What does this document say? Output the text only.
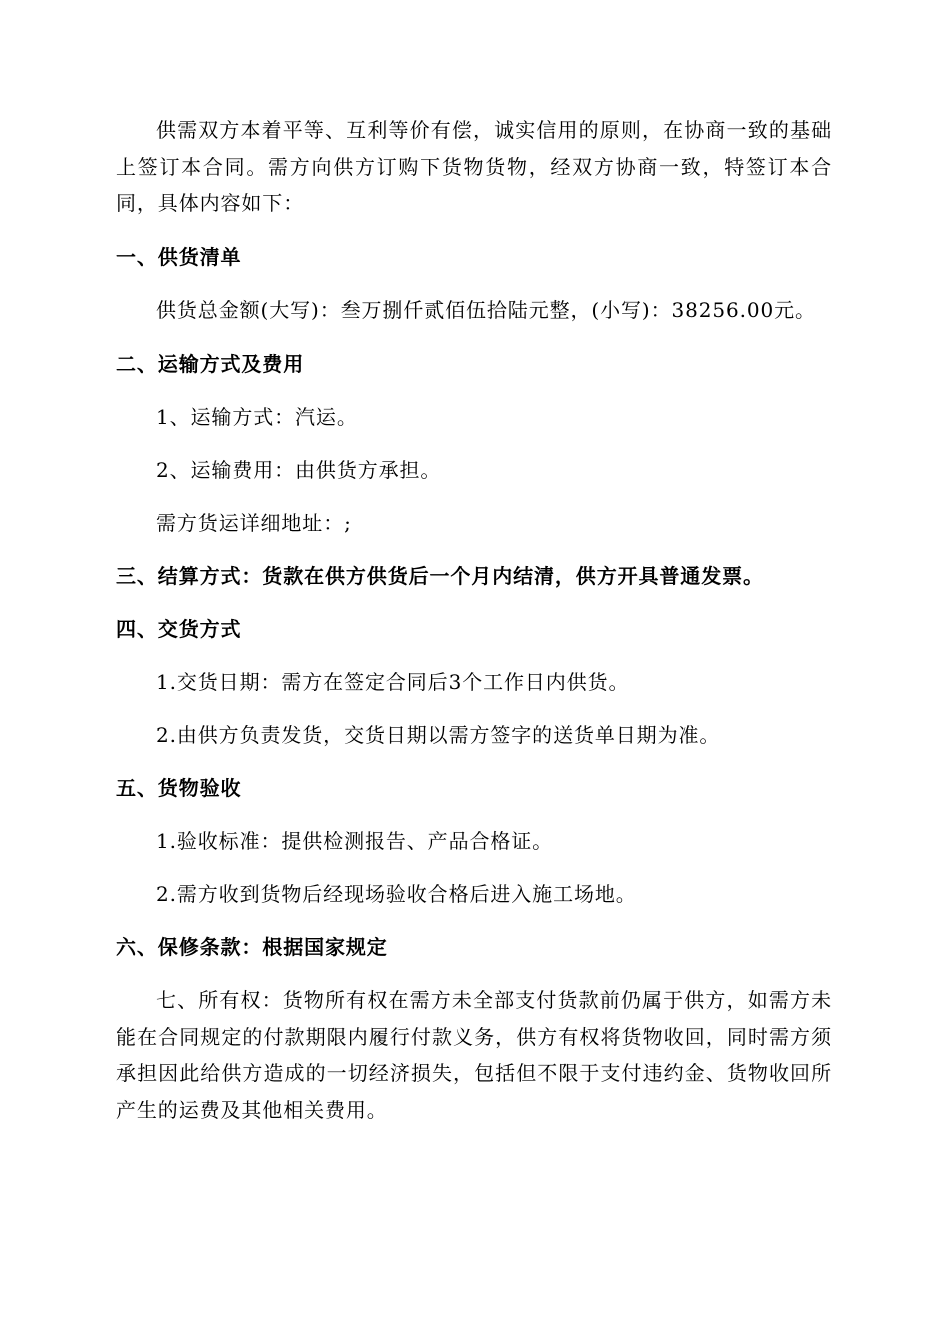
供需双方本着平等、互利等价有偿，诚实信用的原则，在协商一致的基础上签订本合同。需方向供方订购下货物货物，经双方协商一致，特签订本合同，具体内容如下：

一、供货清单

供货总金额(大写)：叁万捌仟贰佰伍拾陆元整，(小写)：38256.00元。

二、运输方式及费用

1、运输方式：汽运。

2、运输费用：由供货方承担。

需方货运详细地址：;

三、结算方式：货款在供方供货后一个月内结清，供方开具普通发票。

四、交货方式

1.交货日期：需方在签定合同后3个工作日内供货。

2.由供方负责发货，交货日期以需方签字的送货单日期为准。

五、货物验收

1.验收标准：提供检测报告、产品合格证。

2.需方收到货物后经现场验收合格后进入施工场地。

六、保修条款：根据国家规定

七、所有权：货物所有权在需方未全部支付货款前仍属于供方，如需方未能在合同规定的付款期限内履行付款义务，供方有权将货物收回，同时需方须承担因此给供方造成的一切经济损失，包括但不限于支付违约金、货物收回所产生的运费及其他相关费用。
